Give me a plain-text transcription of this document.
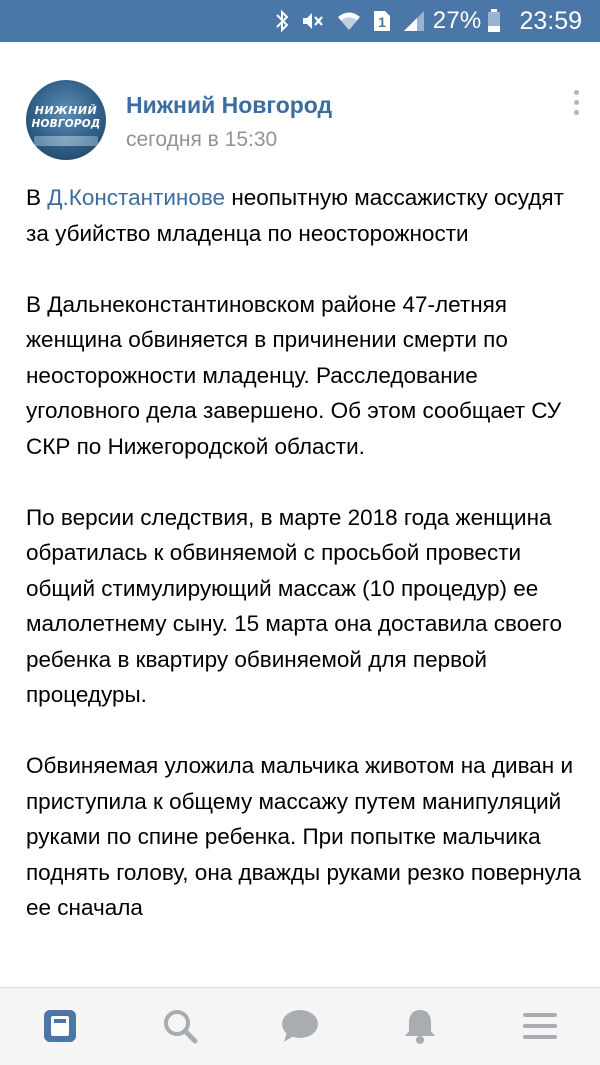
1 27% 23:59
НИЖНИЙ
НОВГОРОД
Нижний Новгород
сегодня в 15:30

В Д.Константинове неопытную массажистку осудят за убийство младенца по неосторожности

В Дальнеконстантиновском районе 47-летняя женщина обвиняется в причинении смерти по неосторожности младенцу. Расследование уголовного дела завершено. Об этом сообщает СУ СКР по Нижегородской области.

По версии следствия, в марте 2018 года женщина обратилась к обвиняемой с просьбой провести общий стимулирующий массаж (10 процедур) ее малолетнему сыну. 15 марта она доставила своего ребенка в квартиру обвиняемой для первой процедуры.

Обвиняемая уложила мальчика животом на диван и приступила к общему массажу путем манипуляций руками по спине ребенка. При попытке мальчика поднять голову, она дважды руками резко повернула ее сначала
